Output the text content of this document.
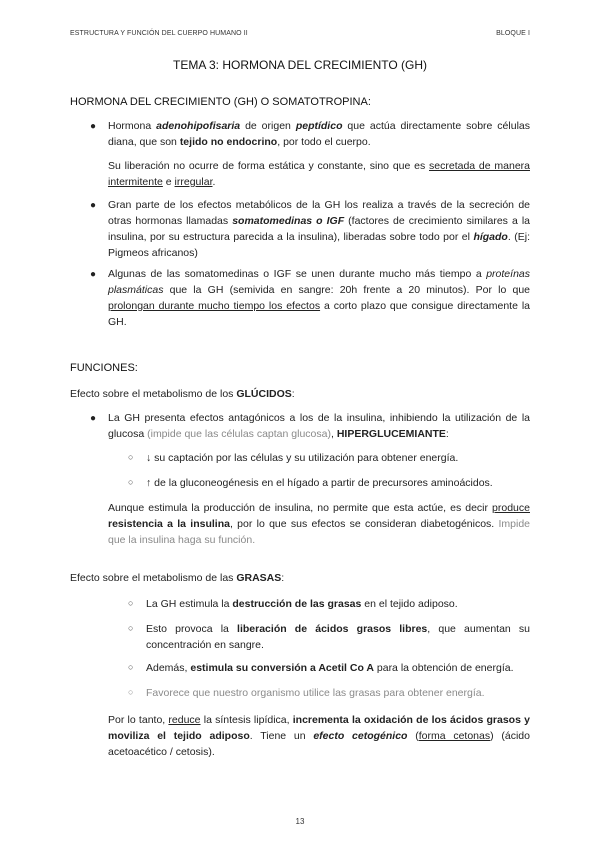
ESTRUCTURA Y FUNCIÓN DEL CUERPO HUMANO II	BLOQUE I
TEMA 3: HORMONA DEL CRECIMIENTO (GH)
HORMONA DEL CRECIMIENTO (GH) O SOMATOTROPINA:
● Hormona adenohipofisaria de origen peptídico que actúa directamente sobre células diana, que son tejido no endocrino, por todo el cuerpo.
Su liberación no ocurre de forma estática y constante, sino que es secretada de manera intermitente e irregular.
● Gran parte de los efectos metabólicos de la GH los realiza a través de la secreción de otras hormonas llamadas somatomedinas o IGF (factores de crecimiento similares a la insulina, por su estructura parecida a la insulina), liberadas sobre todo por el hígado. (Ej: Pigmeos africanos)
● Algunas de las somatomedinas o IGF se unen durante mucho más tiempo a proteínas plasmáticas que la GH (semivida en sangre: 20h frente a 20 minutos). Por lo que prolongan durante mucho tiempo los efectos a corto plazo que consigue directamente la GH.
FUNCIONES:
Efecto sobre el metabolismo de los GLÚCIDOS:
● La GH presenta efectos antagónicos a los de la insulina, inhibiendo la utilización de la glucosa (impide que las células captan glucosa), HIPERGLUCEMIANTE:
○ ↓ su captación por las células y su utilización para obtener energía.
○ ↑ de la gluconeogénesis en el hígado a partir de precursores aminoácidos.
Aunque estimula la producción de insulina, no permite que esta actúe, es decir produce resistencia a la insulina, por lo que sus efectos se consideran diabetogénicos. Impide que la insulina haga su función.
Efecto sobre el metabolismo de las GRASAS:
○ La GH estimula la destrucción de las grasas en el tejido adiposo.
○ Esto provoca la liberación de ácidos grasos libres, que aumentan su concentración en sangre.
○ Además, estimula su conversión a Acetil Co A para la obtención de energía.
○ Favorece que nuestro organismo utilice las grasas para obtener energía.
Por lo tanto, reduce la síntesis lipídica, incrementa la oxidación de los ácidos grasos y moviliza el tejido adiposo. Tiene un efecto cetogénico (forma cetonas) (ácido acetoacético / cetosis).
13
